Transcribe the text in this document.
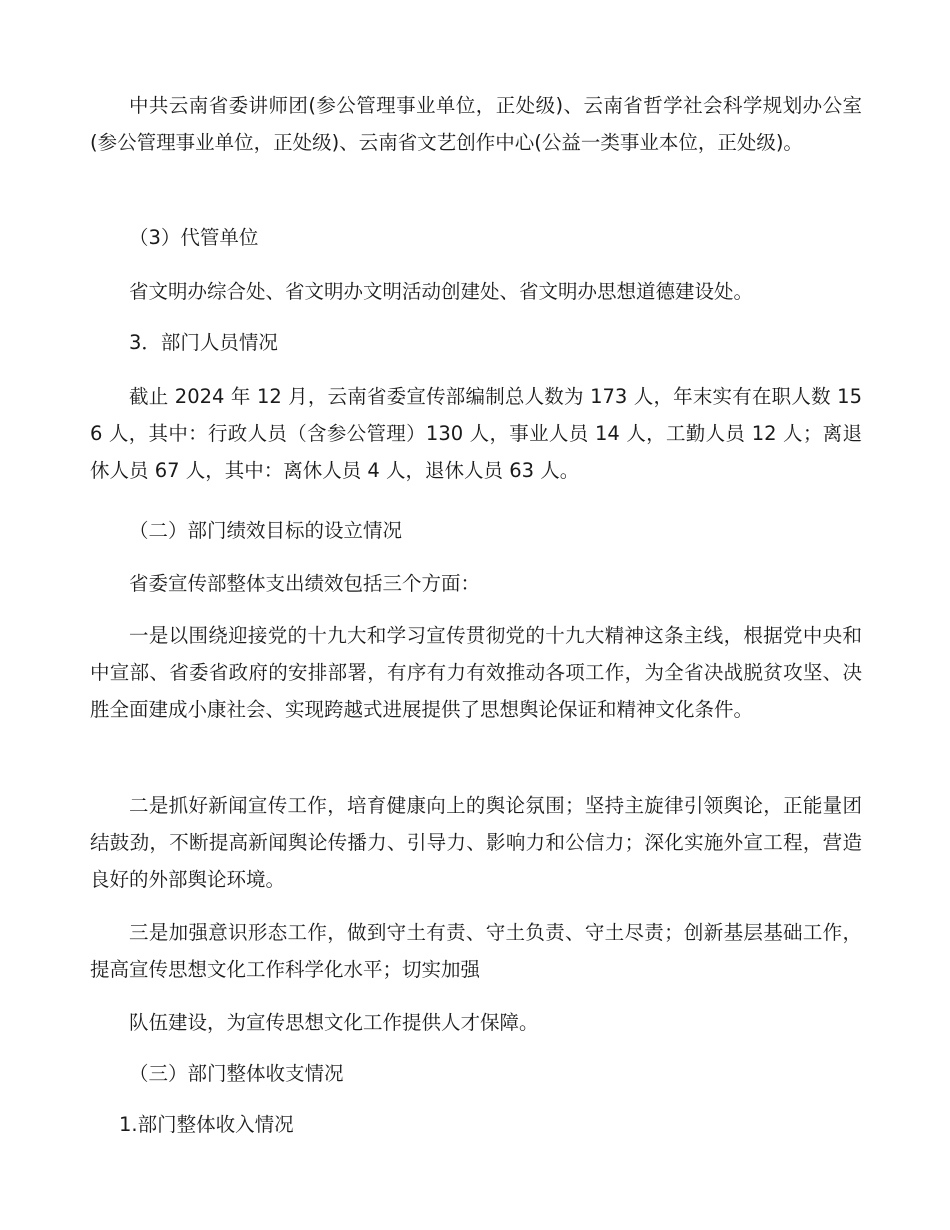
中共云南省委讲师团(参公管理事业单位，正处级)、云南省哲学社会科学规划办公室(参公管理事业单位，正处级)、云南省文艺创作中心(公益一类事业本位，正处级)。

（3）代管单位

省文明办综合处、省文明办文明活动创建处、省文明办思想道德建设处。

3．部门人员情况

截止 2024 年 12 月，云南省委宣传部编制总人数为 173 人，年末实有在职人数 156 人，其中：行政人员（含参公管理）130 人，事业人员 14 人，工勤人员 12 人；离退休人员 67 人，其中：离休人员 4 人，退休人员 63 人。

（二）部门绩效目标的设立情况

省委宣传部整体支出绩效包括三个方面：

一是以围绕迎接党的十九大和学习宣传贯彻党的十九大精神这条主线，根据党中央和中宣部、省委省政府的安排部署，有序有力有效推动各项工作，为全省决战脱贫攻坚、决胜全面建成小康社会、实现跨越式进展提供了思想舆论保证和精神文化条件。

二是抓好新闻宣传工作，培育健康向上的舆论氛围；坚持主旋律引领舆论，正能量团结鼓劲，不断提高新闻舆论传播力、引导力、影响力和公信力；深化实施外宣工程，营造良好的外部舆论环境。

三是加强意识形态工作，做到守土有责、守土负责、守土尽责；创新基层基础工作，提高宣传思想文化工作科学化水平；切实加强

队伍建设，为宣传思想文化工作提供人才保障。

（三）部门整体收支情况

1.部门整体收入情况
